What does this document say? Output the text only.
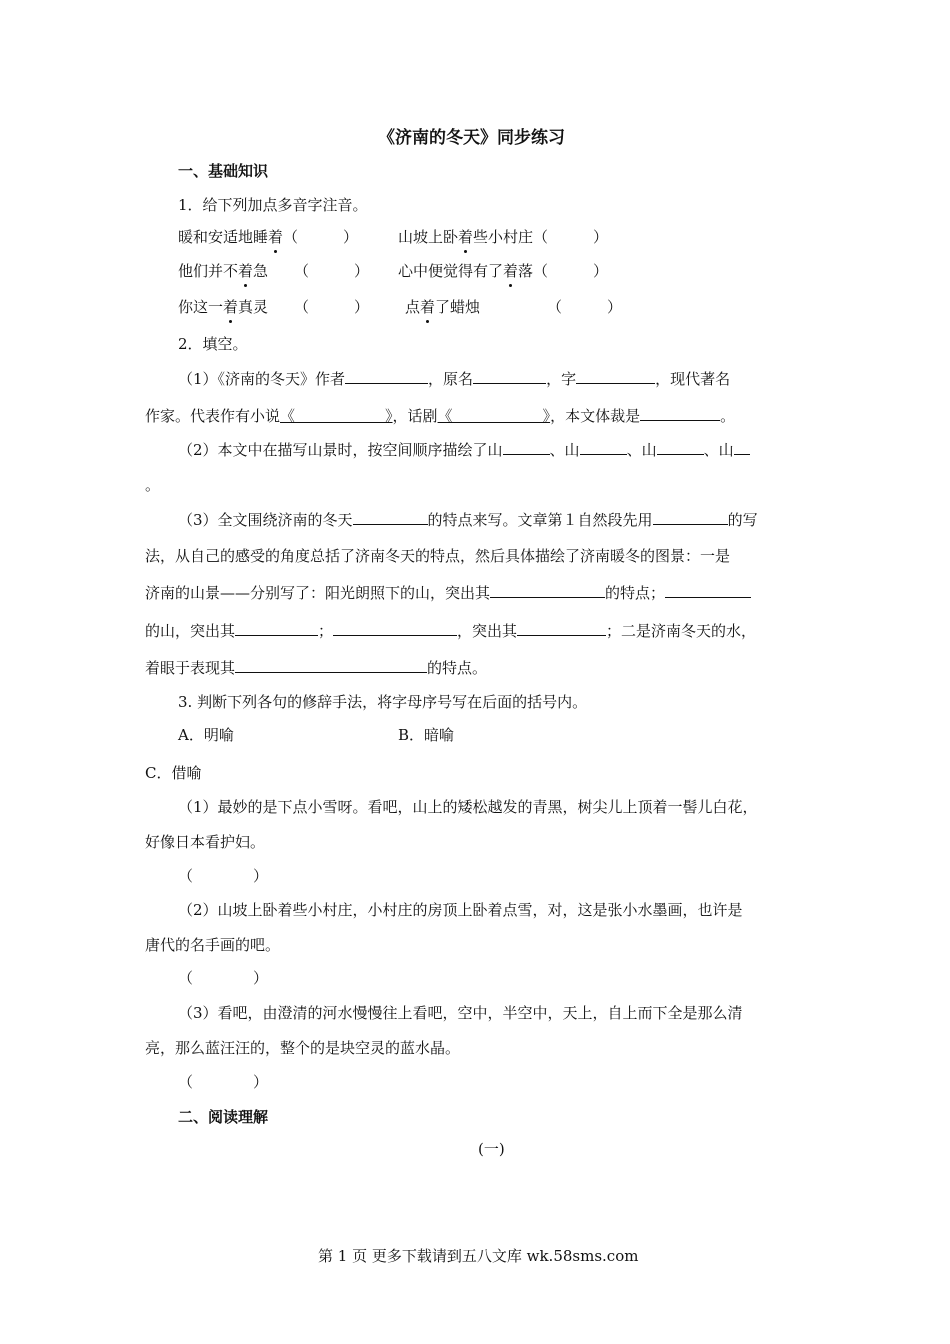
《济南的冬天》同步练习
一、基础知识
1．给下列加点多音字注音。
暖和安适地睡着（　　　）	山坡上卧着些小村庄（　　　）
他们并不着急 （　　　） 心中便觉得有了着落（　　　）
你这一着真灵 （　　　） 点着了蜡烛	（　　　）
2．填空。
（1）《济南的冬天》作者	，原名	，字	，现代著名
作家。代表作有小说《　　　　　　》，话剧《　　　　　　》，本文体裁是	。
（2）本文中在描写山景时，按空间顺序描绘了山	、山	、山	、山
。
（3）全文围绕济南的冬天	的特点来写。文章第１自然段先用	的写
法，从自己的感受的角度总括了济南冬天的特点，然后具体描绘了济南暖冬的图景：一是
济南的山景——分别写了：阳光朗照下的山，突出其	的特点；
的山，突出其	；	，突出其	；二是济南冬天的水，
着眼于表现其	的特点。
3. 判断下列各句的修辞手法，将字母序号写在后面的括号内。
A．明喻	B．暗喻
C．借喻
（1）最妙的是下点小雪呀。看吧，山上的矮松越发的青黑，树尖儿上顶着一髻儿白花，
好像日本看护妇。
（　　　　）
（2）山坡上卧着些小村庄，小村庄的房顶上卧着点雪，对，这是张小水墨画，也许是
唐代的名手画的吧。
（　　　　）
（3）看吧，由澄清的河水慢慢往上看吧，空中，半空中，天上，自上而下全是那么清
亮，那么蓝汪汪的，整个的是块空灵的蓝水晶。
（　　　　）
二、阅读理解
(一)
第 1 页 更多下载请到五八文库 wk.58sms.com
